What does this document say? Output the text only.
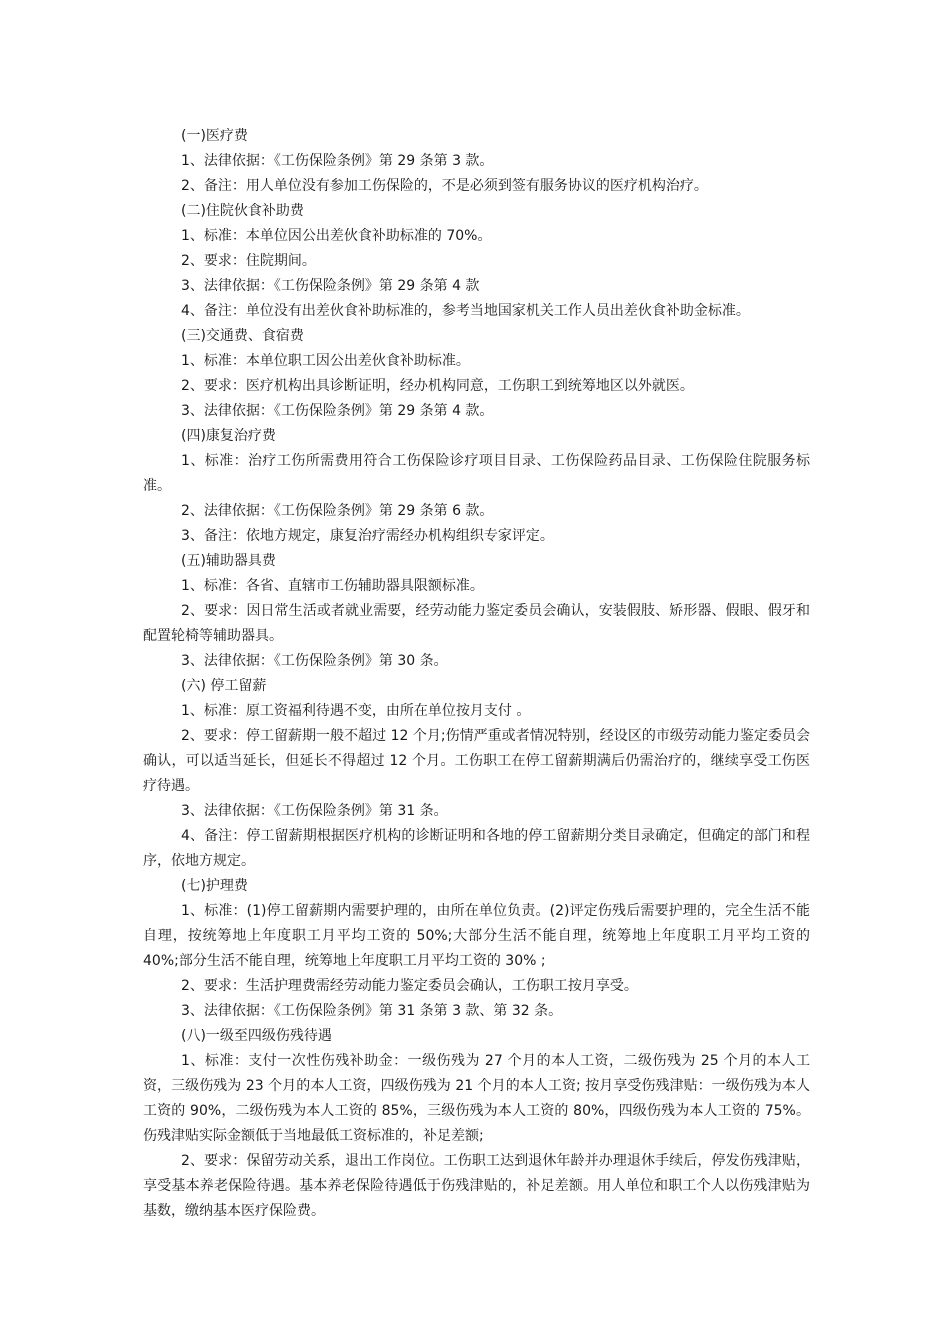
(一)医疗费

1、法律依据：《工伤保险条例》第 29 条第 3 款。

2、备注：用人单位没有参加工伤保险的，不是必须到签有服务协议的医疗机构治疗。

(二)住院伙食补助费

1、标准：本单位因公出差伙食补助标准的 70%。

2、要求：住院期间。

3、法律依据：《工伤保险条例》第 29 条第 4 款

4、备注：单位没有出差伙食补助标准的，参考当地国家机关工作人员出差伙食补助金标准。

(三)交通费、食宿费

1、标准：本单位职工因公出差伙食补助标准。

2、要求：医疗机构出具诊断证明，经办机构同意，工伤职工到统筹地区以外就医。

3、法律依据：《工伤保险条例》第 29 条第 4 款。

(四)康复治疗费

1、标准：治疗工伤所需费用符合工伤保险诊疗项目目录、工伤保险药品目录、工伤保险住院服务标准。

2、法律依据：《工伤保险条例》第 29 条第 6 款。

3、备注：依地方规定，康复治疗需经办机构组织专家评定。

(五)辅助器具费

1、标准：各省、直辖市工伤辅助器具限额标准。

2、要求：因日常生活或者就业需要，经劳动能力鉴定委员会确认，安装假肢、矫形器、假眼、假牙和配置轮椅等辅助器具。

3、法律依据：《工伤保险条例》第 30 条。

(六) 停工留薪

1、标准：原工资福利待遇不变，由所在单位按月支付 。

2、要求：停工留薪期一般不超过 12 个月;伤情严重或者情况特别，经设区的市级劳动能力鉴定委员会确认，可以适当延长，但延长不得超过 12 个月。工伤职工在停工留薪期满后仍需治疗的，继续享受工伤医疗待遇。

3、法律依据：《工伤保险条例》第 31 条。

4、备注：停工留薪期根据医疗机构的诊断证明和各地的停工留薪期分类目录确定，但确定的部门和程序，依地方规定。

(七)护理费

1、标准：(1)停工留薪期内需要护理的，由所在单位负责。(2)评定伤残后需要护理的，完全生活不能自理，按统筹地上年度职工月平均工资的 50%;大部分生活不能自理，统筹地上年度职工月平均工资的 40%;部分生活不能自理，统筹地上年度职工月平均工资的 30% ;

2、要求：生活护理费需经劳动能力鉴定委员会确认，工伤职工按月享受。

3、法律依据：《工伤保险条例》第 31 条第 3 款、第 32 条。

(八)一级至四级伤残待遇

1、标准：支付一次性伤残补助金：一级伤残为 27 个月的本人工资，二级伤残为 25 个月的本人工资，三级伤残为 23 个月的本人工资，四级伤残为 21 个月的本人工资; 按月享受伤残津贴：一级伤残为本人工资的 90%，二级伤残为本人工资的 85%，三级伤残为本人工资的 80%，四级伤残为本人工资的 75%。伤残津贴实际金额低于当地最低工资标准的，补足差额;

2、要求：保留劳动关系，退出工作岗位。工伤职工达到退休年龄并办理退休手续后，停发伤残津贴，享受基本养老保险待遇。基本养老保险待遇低于伤残津贴的，补足差额。用人单位和职工个人以伤残津贴为基数，缴纳基本医疗保险费。
